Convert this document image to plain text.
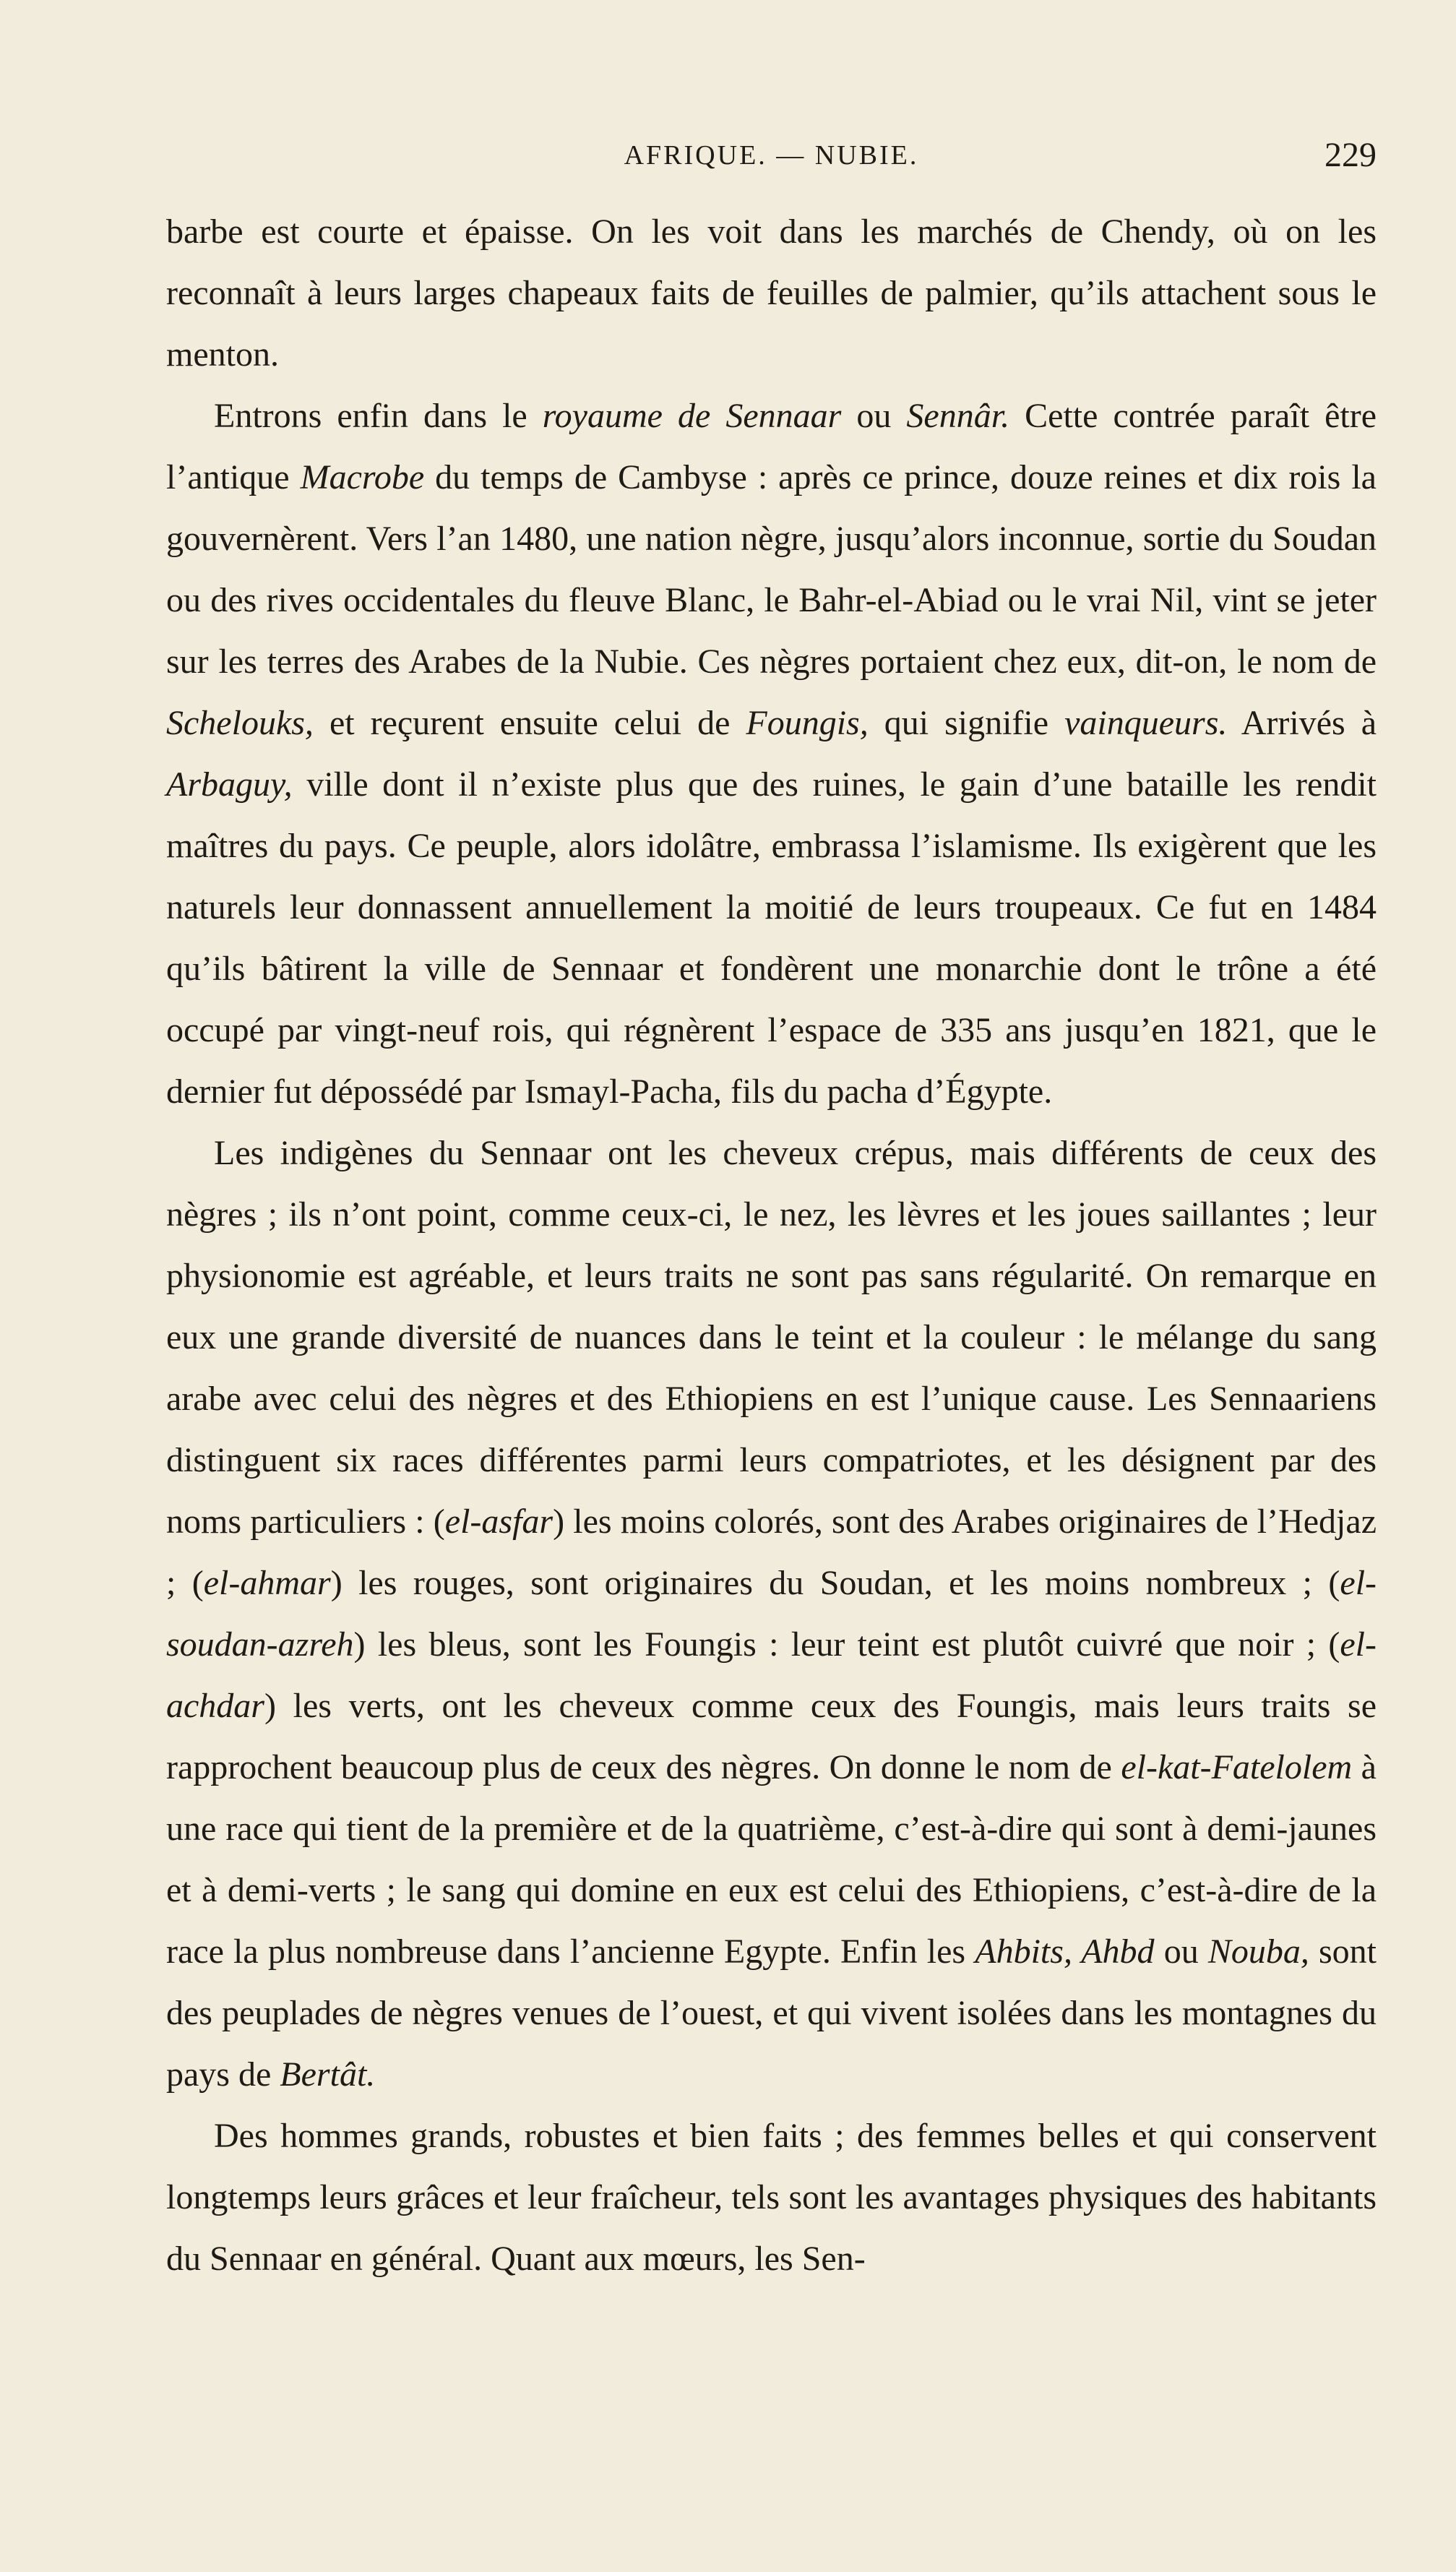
AFRIQUE. — NUBIE.	229

barbe est courte et épaisse. On les voit dans les marchés de Chendy, où on les reconnaît à leurs larges chapeaux faits de feuilles de palmier, qu’ils attachent sous le menton.

Entrons enfin dans le royaume de Sennaar ou Sennâr. Cette contrée paraît être l’antique Macrobe du temps de Cambyse : après ce prince, douze reines et dix rois la gouvernèrent. Vers l’an 1480, une nation nègre, jusqu’alors inconnue, sortie du Soudan ou des rives occidentales du fleuve Blanc, le Bahr-el-Abiad ou le vrai Nil, vint se jeter sur les terres des Arabes de la Nubie. Ces nègres portaient chez eux, dit-on, le nom de Schelouks, et reçurent ensuite celui de Foungis, qui signifie vainqueurs. Arrivés à Arbaguy, ville dont il n’existe plus que des ruines, le gain d’une bataille les rendit maîtres du pays. Ce peuple, alors idolâtre, embrassa l’islamisme. Ils exigèrent que les naturels leur donnassent annuellement la moitié de leurs troupeaux. Ce fut en 1484 qu’ils bâtirent la ville de Sennaar et fondèrent une monarchie dont le trône a été occupé par vingt-neuf rois, qui régnèrent l’espace de 335 ans jusqu’en 1821, que le dernier fut dépossédé par Ismayl-Pacha, fils du pacha d’Égypte.

Les indigènes du Sennaar ont les cheveux crépus, mais différents de ceux des nègres ; ils n’ont point, comme ceux-ci, le nez, les lèvres et les joues saillantes ; leur physionomie est agréable, et leurs traits ne sont pas sans régularité. On remarque en eux une grande diversité de nuances dans le teint et la couleur : le mélange du sang arabe avec celui des nègres et des Ethiopiens en est l’unique cause. Les Sennaariens distinguent six races différentes parmi leurs compatriotes, et les désignent par des noms particuliers : (el-asfar) les moins colorés, sont des Arabes originaires de l’Hedjaz ; (el-ahmar) les rouges, sont originaires du Soudan, et les moins nombreux ; (el-soudan-azreh) les bleus, sont les Foungis : leur teint est plutôt cuivré que noir ; (el-achdar) les verts, ont les cheveux comme ceux des Foungis, mais leurs traits se rapprochent beaucoup plus de ceux des nègres. On donne le nom de el-kat-Fatelolem à une race qui tient de la première et de la quatrième, c’est-à-dire qui sont à demi-jaunes et à demi-verts ; le sang qui domine en eux est celui des Ethiopiens, c’est-à-dire de la race la plus nombreuse dans l’ancienne Egypte. Enfin les Ahbits, Ahbd ou Nouba, sont des peuplades de nègres venues de l’ouest, et qui vivent isolées dans les montagnes du pays de Bertât.

Des hommes grands, robustes et bien faits ; des femmes belles et qui conservent longtemps leurs grâces et leur fraîcheur, tels sont les avantages physiques des habitants du Sennaar en général. Quant aux mœurs, les Sen-
